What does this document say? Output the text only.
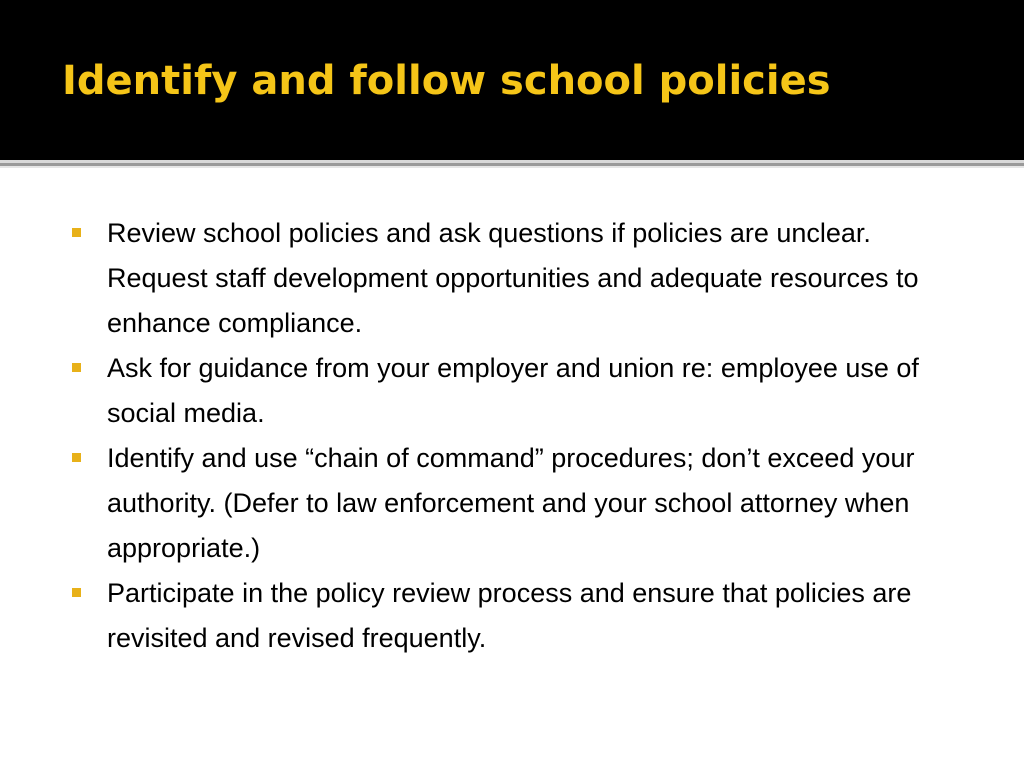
Identify and follow school policies
Review school policies and ask questions if policies are unclear. Request staff development opportunities and adequate resources to enhance compliance.
Ask for guidance from your employer and union re: employee use of social media.
Identify and use “chain of command” procedures; don’t exceed your authority. (Defer to law enforcement and your school attorney when appropriate.)
Participate in the policy review process and ensure that policies are revisited and revised frequently.
